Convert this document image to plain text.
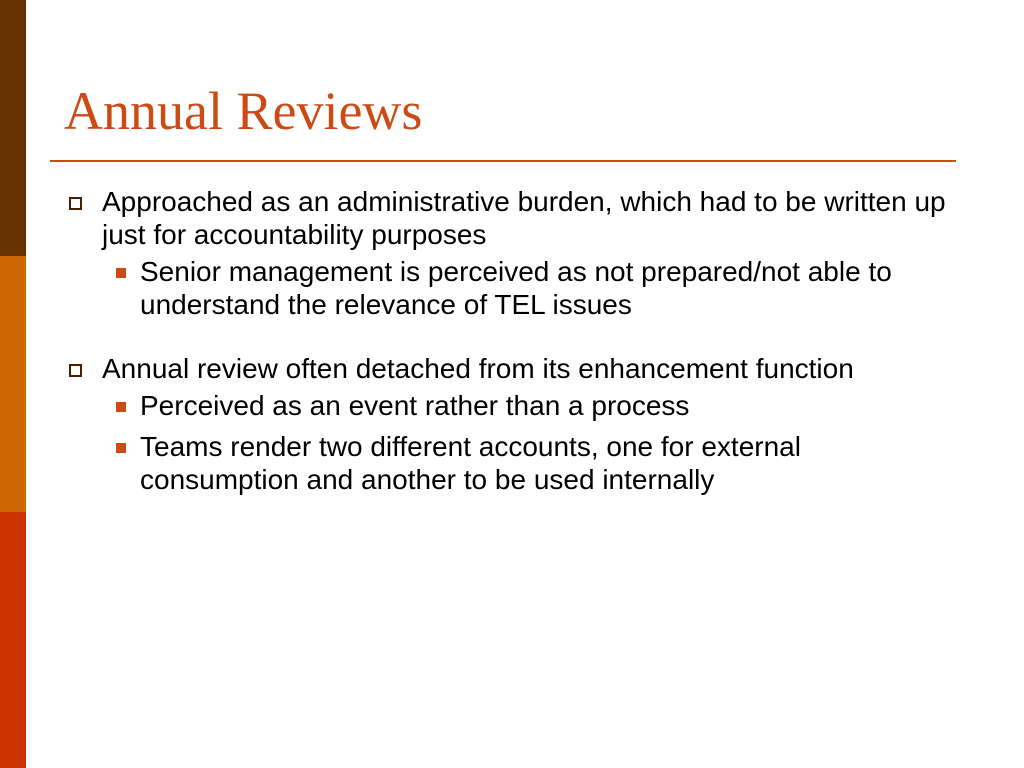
Annual Reviews
Approached as an administrative burden, which had to be written up just for accountability purposes
Senior management is perceived as not prepared/not able to understand the relevance of TEL issues
Annual review often detached from its enhancement function
Perceived as an event rather than a process
Teams render two different accounts, one for external consumption and another to be used internally
